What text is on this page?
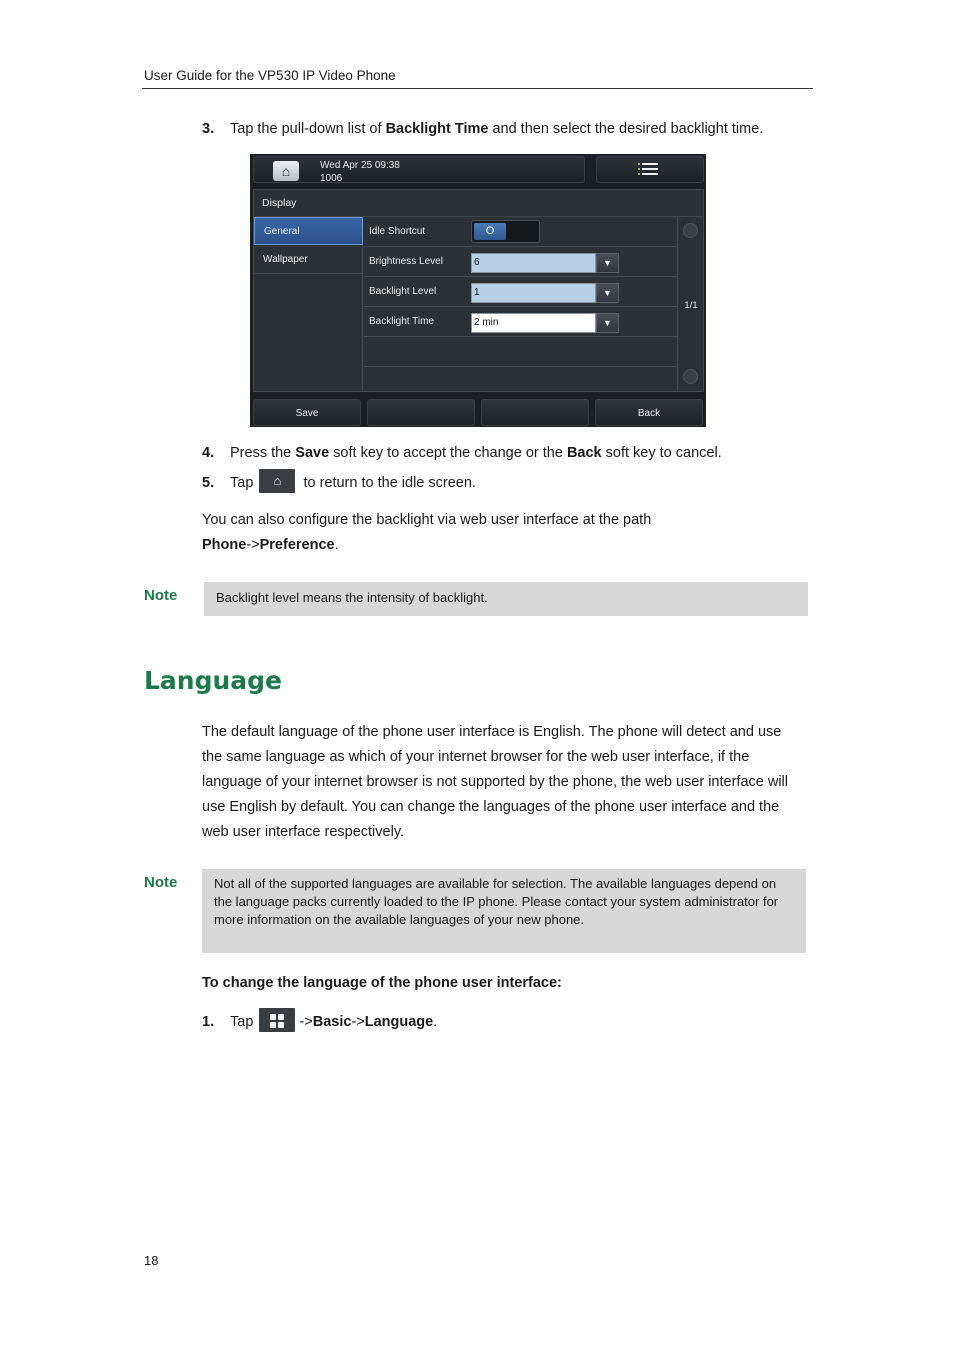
User Guide for the VP530 IP Video Phone
3. Tap the pull-down list of Backlight Time and then select the desired backlight time.
⌂	Wed Apr 25 09:38
1006
Display
General
Wallpaper
Idle Shortcut	O
Brightness Level	6	▼
Backlight Level	1	▼
Backlight Time	2 min	▼
1/1
Save	Back
4. Press the Save soft key to accept the change or the Back soft key to cancel.
5. Tap ⌂ to return to the idle screen.
You can also configure the backlight via web user interface at the path
Phone->Preference.
Note	Backlight level means the intensity of backlight.
Language
The default language of the phone user interface is English. The phone will detect and use the same language as which of your internet browser for the web user interface, if the language of your internet browser is not supported by the phone, the web user interface will use English by default. You can change the languages of the phone user interface and the web user interface respectively.
Note	Not all of the supported languages are available for selection. The available languages depend on the language packs currently loaded to the IP phone. Please contact your system administrator for more information on the available languages of your new phone.
To change the language of the phone user interface:
1. Tap	->Basic->Language.
18
